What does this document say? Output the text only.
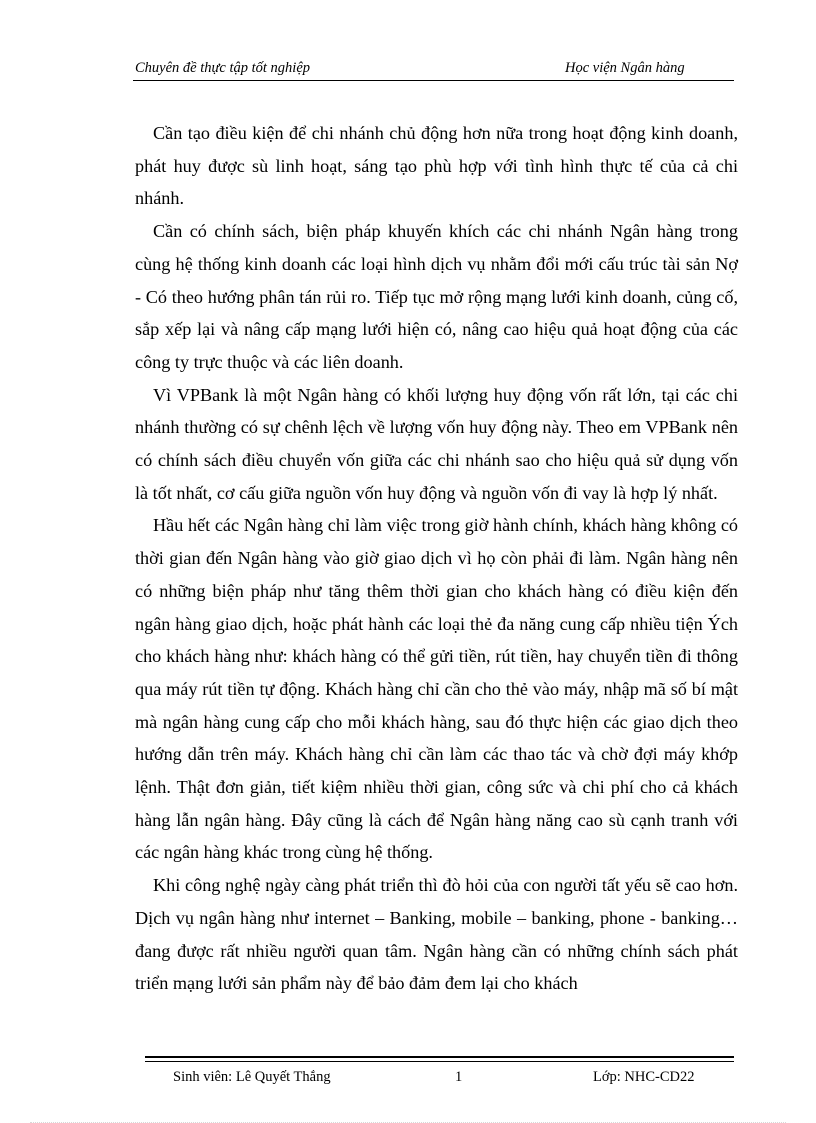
Chuyên đề thực tập tốt nghiệp	Học viện Ngân hàng

Cần tạo điều kiện để chi nhánh chủ động hơn nữa trong hoạt động kinh doanh, phát huy được sù linh hoạt, sáng tạo phù hợp với tình hình thực tế của cả chi nhánh.

Cần có chính sách, biện pháp khuyến khích các chi nhánh Ngân hàng trong cùng hệ thống kinh doanh các loại hình dịch vụ nhằm đổi mới cấu trúc tài sản Nợ - Có theo hướng phân tán rủi ro. Tiếp tục mở rộng mạng lưới kinh doanh, củng cố, sắp xếp lại và nâng cấp mạng lưới hiện có, nâng cao hiệu quả hoạt động của các công ty trực thuộc và các liên doanh.

Vì VPBank là một Ngân hàng có khối lượng huy động vốn rất lớn, tại các chi nhánh thường có sự chênh lệch về lượng vốn huy động này. Theo em VPBank nên có chính sách điều chuyển vốn giữa các chi nhánh sao cho hiệu quả sử dụng vốn là tốt nhất, cơ cấu giữa nguồn vốn huy động và nguồn vốn đi vay là hợp lý nhất.

Hầu hết các Ngân hàng chỉ làm việc trong giờ hành chính, khách hàng không có thời gian đến Ngân hàng vào giờ giao dịch vì họ còn phải đi làm. Ngân hàng nên có những biện pháp như tăng thêm thời gian cho khách hàng có điều kiện đến ngân hàng giao dịch, hoặc phát hành các loại thẻ đa năng cung cấp nhiều tiện Ých cho khách hàng như: khách hàng có thể gửi tiền, rút tiền, hay chuyển tiền đi thông qua máy rút tiền tự động. Khách hàng chỉ cần cho thẻ vào máy, nhập mã số bí mật mà ngân hàng cung cấp cho mỗi khách hàng, sau đó thực hiện các giao dịch theo hướng dẫn trên máy. Khách hàng chỉ cần làm các thao tác và chờ đợi máy khớp lệnh. Thật đơn giản, tiết kiệm nhiều thời gian, công sức và chi phí cho cả khách hàng lẫn ngân hàng. Đây cũng là cách để Ngân hàng năng cao sù cạnh tranh với các ngân hàng khác trong cùng hệ thống.

Khi công nghệ ngày càng phát triển thì đò hỏi của con người tất yếu sẽ cao hơn. Dịch vụ ngân hàng như internet – Banking, mobile – banking, phone - banking… đang được rất nhiều người quan tâm. Ngân hàng cần có những chính sách phát triển mạng lưới sản phẩm này để bảo đảm đem lại cho khách

Sinh viên: Lê Quyết Thắng	1	Lớp: NHC-CD22
